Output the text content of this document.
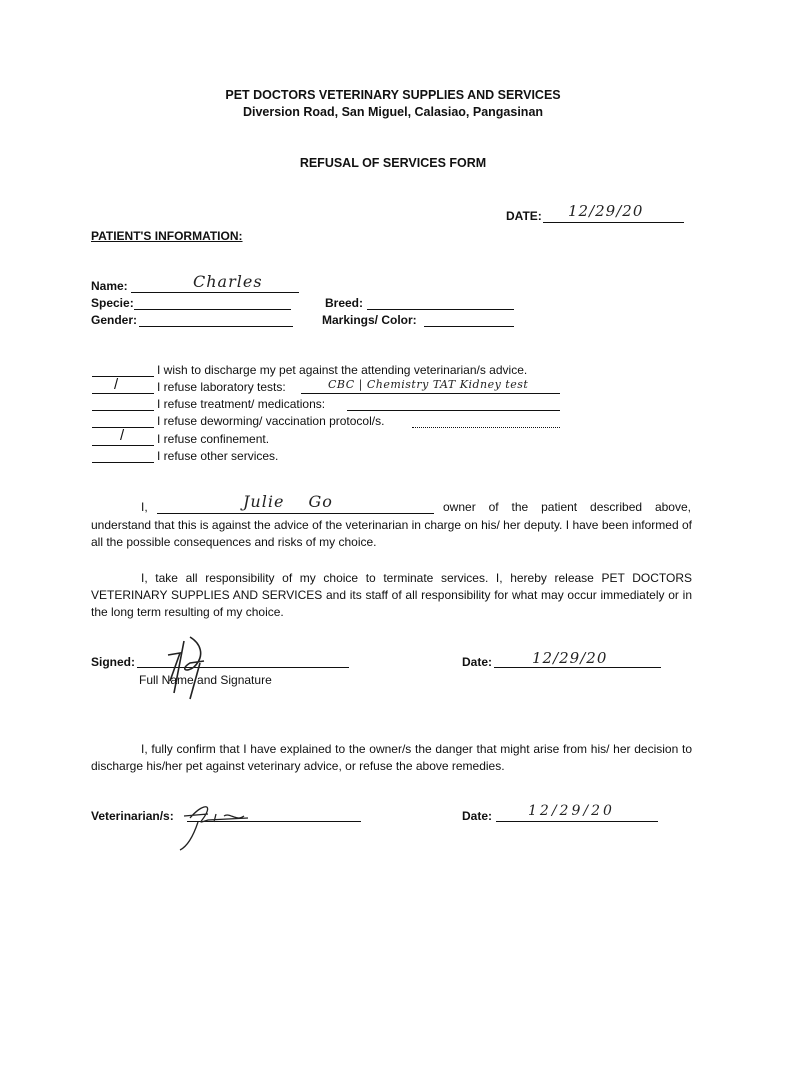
PET DOCTORS VETERINARY SUPPLIES AND SERVICES
Diversion Road, San Miguel, Calasiao, Pangasinan
REFUSAL OF SERVICES FORM
DATE: 12/29/20
PATIENT'S INFORMATION:
Name:	Charles
Specie:	Breed:
Gender:	Markings/ Color:
I wish to discharge my pet against the attending veterinarian/s advice.
/	I refuse laboratory tests:	CBC | Chemistry TAT Kidney test
I refuse treatment/ medications:
I refuse deworming/ vaccination protocol/s.
/	I refuse confinement.
I refuse other services.
I,	Julie Go	owner of the patient described above,
understand that this is against the advice of the veterinarian in charge on his/ her deputy. I have been informed of all the possible consequences and risks of my choice.
I, take all responsibility of my choice to terminate services. I, hereby release PET DOCTORS VETERINARY SUPPLIES AND SERVICES and its staff of all responsibility for what may occur immediately or in the long term resulting of my choice.
Signed:
Full Name and Signature
Date:	12/29/20
I, fully confirm that I have explained to the owner/s the danger that might arise from his/ her decision to discharge his/her pet against veterinary advice, or refuse the above remedies.
Veterinarian/s:	Date:	12/29/20
